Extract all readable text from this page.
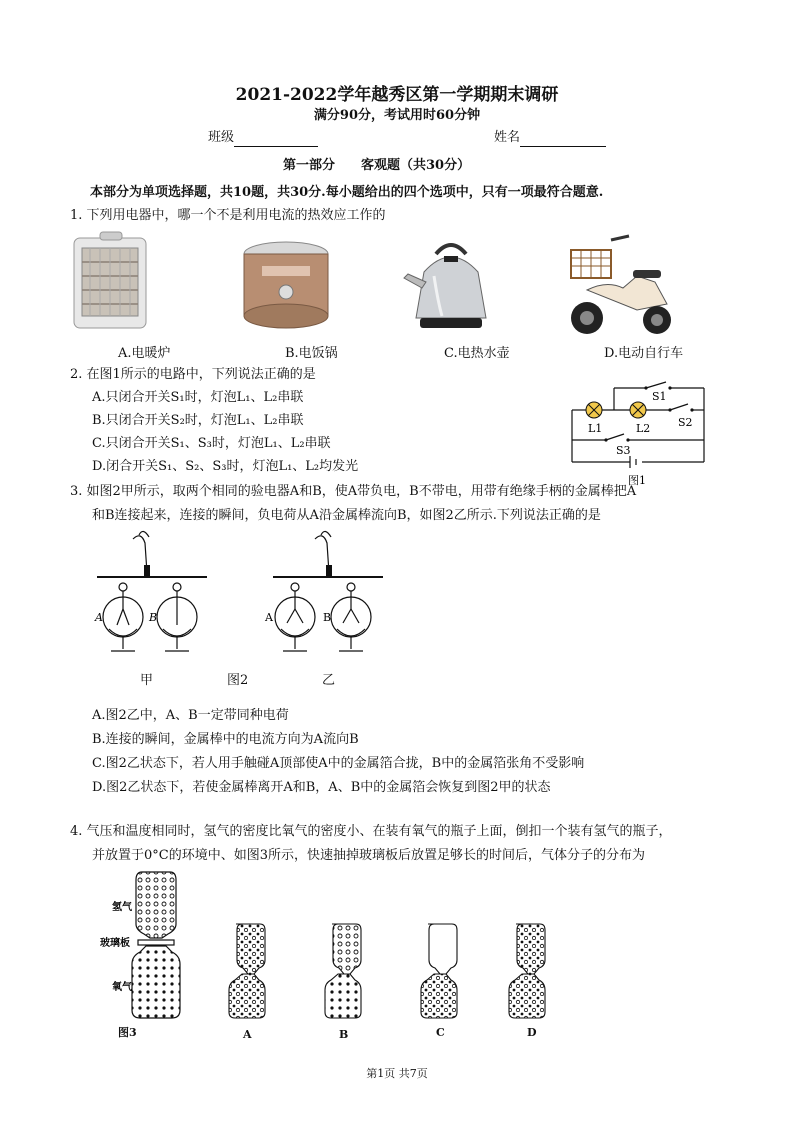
2021-2022学年越秀区第一学期期末调研
满分90分，考试用时60分钟
班级	姓名
第一部分　　客观题（共30分）
本部分为单项选择题，共10题，共30分.每小题给出的四个选项中，只有一项最符合题意.
1. 下列用电器中，哪一个不是利用电流的热效应工作的
A.电暖炉	B.电饭锅	C.电热水壶	D.电动自行车
2. 在图1所示的电路中，下列说法正确的是
A.只闭合开关S₁时，灯泡L₁、L₂串联
B.只闭合开关S₂时，灯泡L₁、L₂串联
C.只闭合开关S₁、S₃时，灯泡L₁、L₂串联
D.闭合开关S₁、S₂、S₃时，灯泡L₁、L₂均发光
S1
S2
S3
L1	L2
图1
3. 如图2甲所示，取两个相同的验电器A和B，使A带负电，B不带电，用带有绝缘手柄的金属棒把A
和B连接起来，连接的瞬间，负电荷从A沿金属棒流向B，如图2乙所示.下列说法正确的是
A	B	A	B
甲	图2	乙
A.图2乙中，A、B一定带同种电荷
B.连接的瞬间，金属棒中的电流方向为A流向B
C.图2乙状态下，若人用手触碰A顶部使A中的金属箔合拢，B中的金属箔张角不受影响
D.图2乙状态下，若使金属棒离开A和B，A、B中的金属箔会恢复到图2甲的状态
4. 气压和温度相同时，氢气的密度比氧气的密度小、在装有氧气的瓶子上面，倒扣一个装有氢气的瓶子，
并放置于0°C的环境中、如图3所示，快速抽掉玻璃板后放置足够长的时间后，气体分子的分布为
氢气
玻璃板
氧气
图3	A	B	C	D
第1页 共7页
